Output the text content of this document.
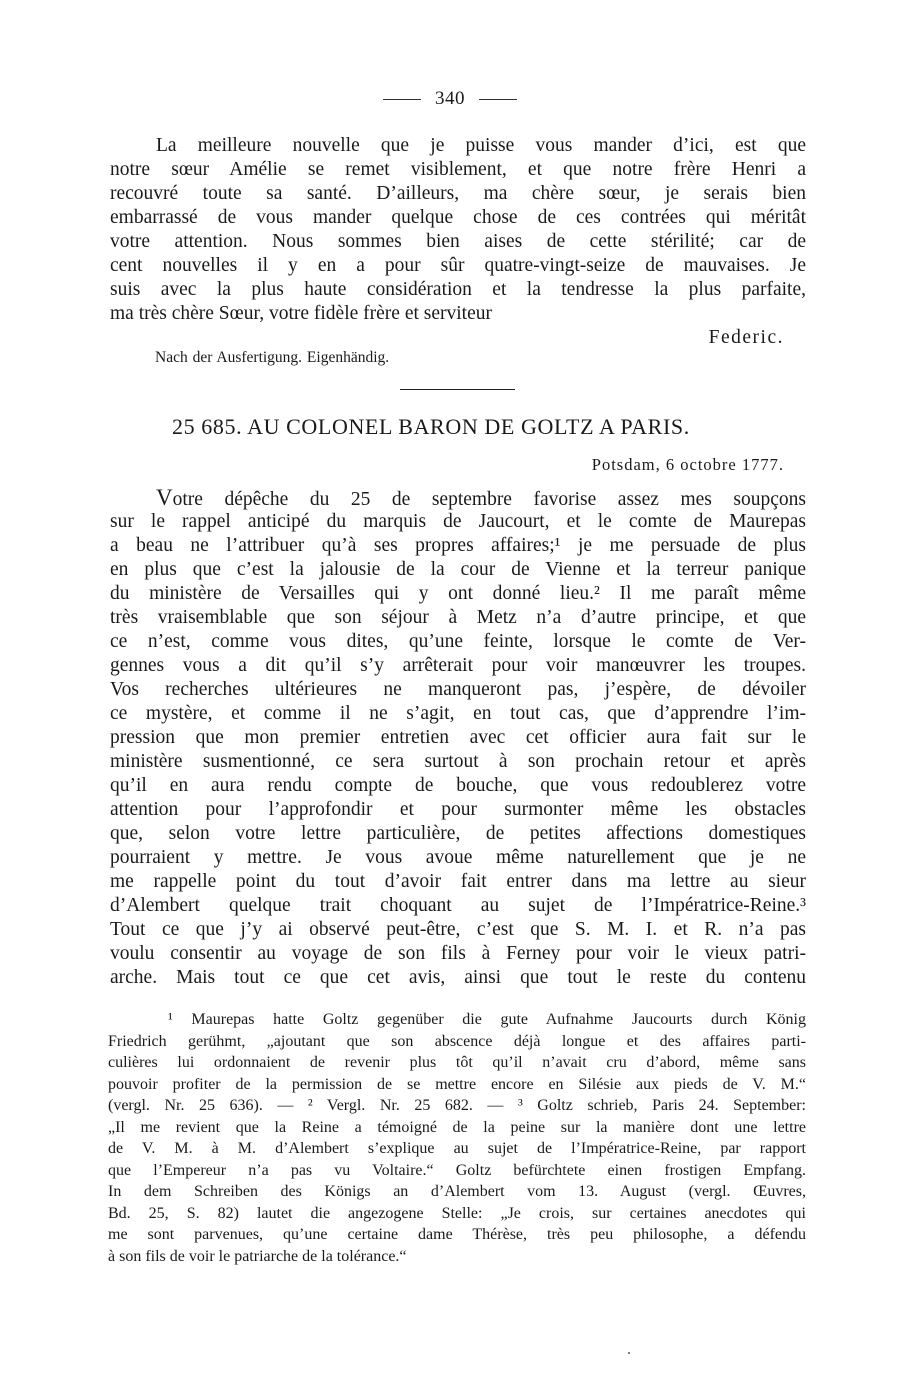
340
La meilleure nouvelle que je puisse vous mander d’ici, est que
notre sœur Amélie se remet visiblement, et que notre frère Henri a
recouvré toute sa santé. D’ailleurs, ma chère sœur, je serais bien
embarrassé de vous mander quelque chose de ces contrées qui méritât
votre attention. Nous sommes bien aises de cette stérilité; car de
cent nouvelles il y en a pour sûr quatre-vingt-seize de mauvaises. Je
suis avec la plus haute considération et la tendresse la plus parfaite,
ma très chère Sœur, votre fidèle frère et serviteur
Federic.
Nach der Ausfertigung. Eigenhändig.
25 685. AU COLONEL BARON DE GOLTZ A PARIS.
Potsdam, 6 octobre 1777.
Votre dépêche du 25 de septembre favorise assez mes soupçons
sur le rappel anticipé du marquis de Jaucourt, et le comte de Maurepas
a beau ne l’attribuer qu’à ses propres affaires;¹ je me persuade de plus
en plus que c’est la jalousie de la cour de Vienne et la terreur panique
du ministère de Versailles qui y ont donné lieu.² Il me paraît même
très vraisemblable que son séjour à Metz n’a d’autre principe, et que
ce n’est, comme vous dites, qu’une feinte, lorsque le comte de Ver-
gennes vous a dit qu’il s’y arrêterait pour voir manœuvrer les troupes.
Vos recherches ultérieures ne manqueront pas, j’espère, de dévoiler
ce mystère, et comme il ne s’agit, en tout cas, que d’apprendre l’im-
pression que mon premier entretien avec cet officier aura fait sur le
ministère susmentionné, ce sera surtout à son prochain retour et après
qu’il en aura rendu compte de bouche, que vous redoublerez votre
attention pour l’approfondir et pour surmonter même les obstacles
que, selon votre lettre particulière, de petites affections domestiques
pourraient y mettre. Je vous avoue même naturellement que je ne
me rappelle point du tout d’avoir fait entrer dans ma lettre au sieur
d’Alembert quelque trait choquant au sujet de l’Impératrice-Reine.³
Tout ce que j’y ai observé peut-être, c’est que S. M. I. et R. n’a pas
voulu consentir au voyage de son fils à Ferney pour voir le vieux patri-
arche. Mais tout ce que cet avis, ainsi que tout le reste du contenu
¹ Maurepas hatte Goltz gegenüber die gute Aufnahme Jaucourts durch König
Friedrich gerühmt, „ajoutant que son abscence déjà longue et des affaires parti-
culières lui ordonnaient de revenir plus tôt qu’il n’avait cru d’abord, même sans
pouvoir profiter de la permission de se mettre encore en Silésie aux pieds de V. M.“
(vergl. Nr. 25 636). — ² Vergl. Nr. 25 682. — ³ Goltz schrieb, Paris 24. September:
„Il me revient que la Reine a témoigné de la peine sur la manière dont une lettre
de V. M. à M. d’Alembert s’explique au sujet de l’Impératrice-Reine, par rapport
que l’Empereur n’a pas vu Voltaire.“ Goltz befürchtete einen frostigen Empfang.
In dem Schreiben des Königs an d’Alembert vom 13. August (vergl. Œuvres,
Bd. 25, S. 82) lautet die angezogene Stelle: „Je crois, sur certaines anecdotes qui
me sont parvenues, qu’une certaine dame Thérèse, très peu philosophe, a défendu
à son fils de voir le patriarche de la tolérance.“
